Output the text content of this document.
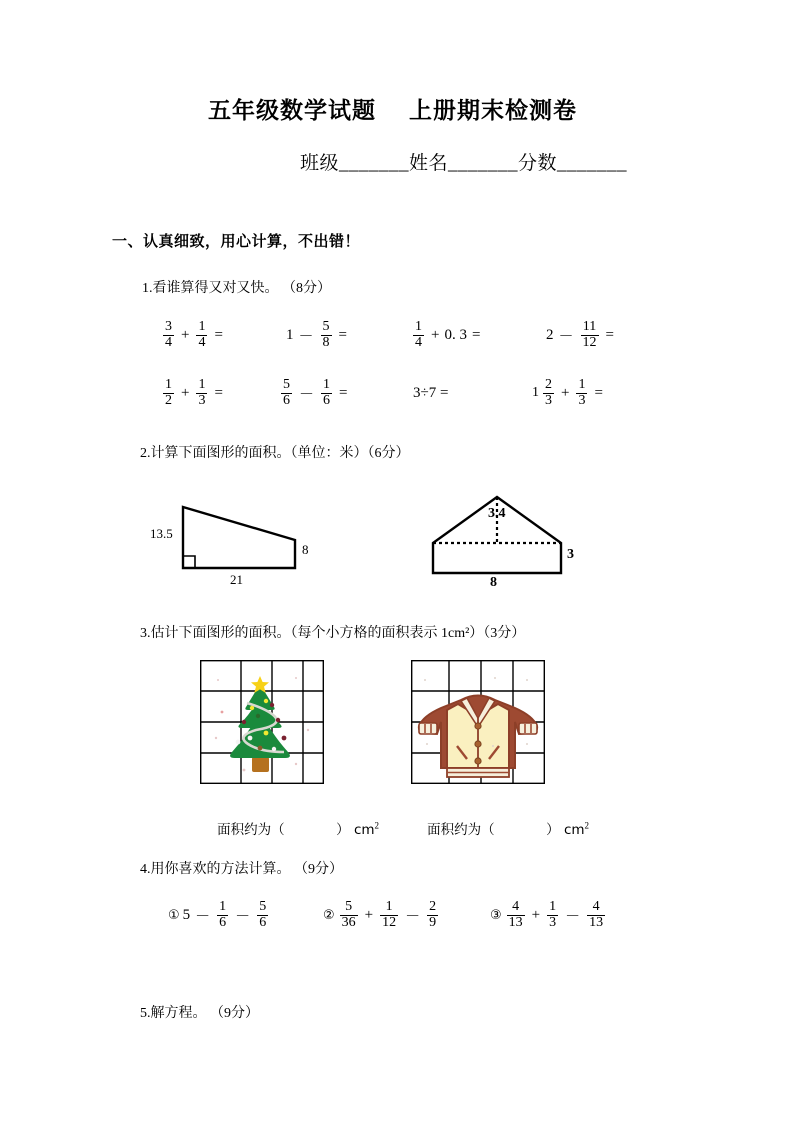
五年级数学试题　 上册期末检测卷
班级_______姓名_______分数_______
一、认真细致，用心计算，不出错！
1.看谁算得又对又快。 （8分）
$\frac{3}{4} + \frac{1}{4}$ =	$1 - \frac{5}{8}$ =	$\frac{1}{4} + 0$. 3 =	$2 - \frac{11}{12}$ =
$\frac{1}{2} + \frac{1}{3}$ =	$\frac{5}{6} - \frac{1}{6}$ =	3÷7 =	$1 \frac{2}{3} + \frac{1}{3}$ =
2.计算下面图形的面积。（单位：米）（6分）
13.5
8
21
3.4
3
8
3.估计下面图形的面积。（每个小方格的面积表示 1cm²）（3分）

面积约为（            ） $cm^2$
	面积约为（            ） $cm^2$

4.用你喜欢的方法计算。 （9分）
① $5 - \frac{1}{6} - \frac{5}{6}$	② $\frac{5}{36} + \frac{1}{12} - \frac{2}{9}$	③ $\frac{4}{13} + \frac{1}{3} - \frac{4}{13}$
5.解方程。 （9分）
